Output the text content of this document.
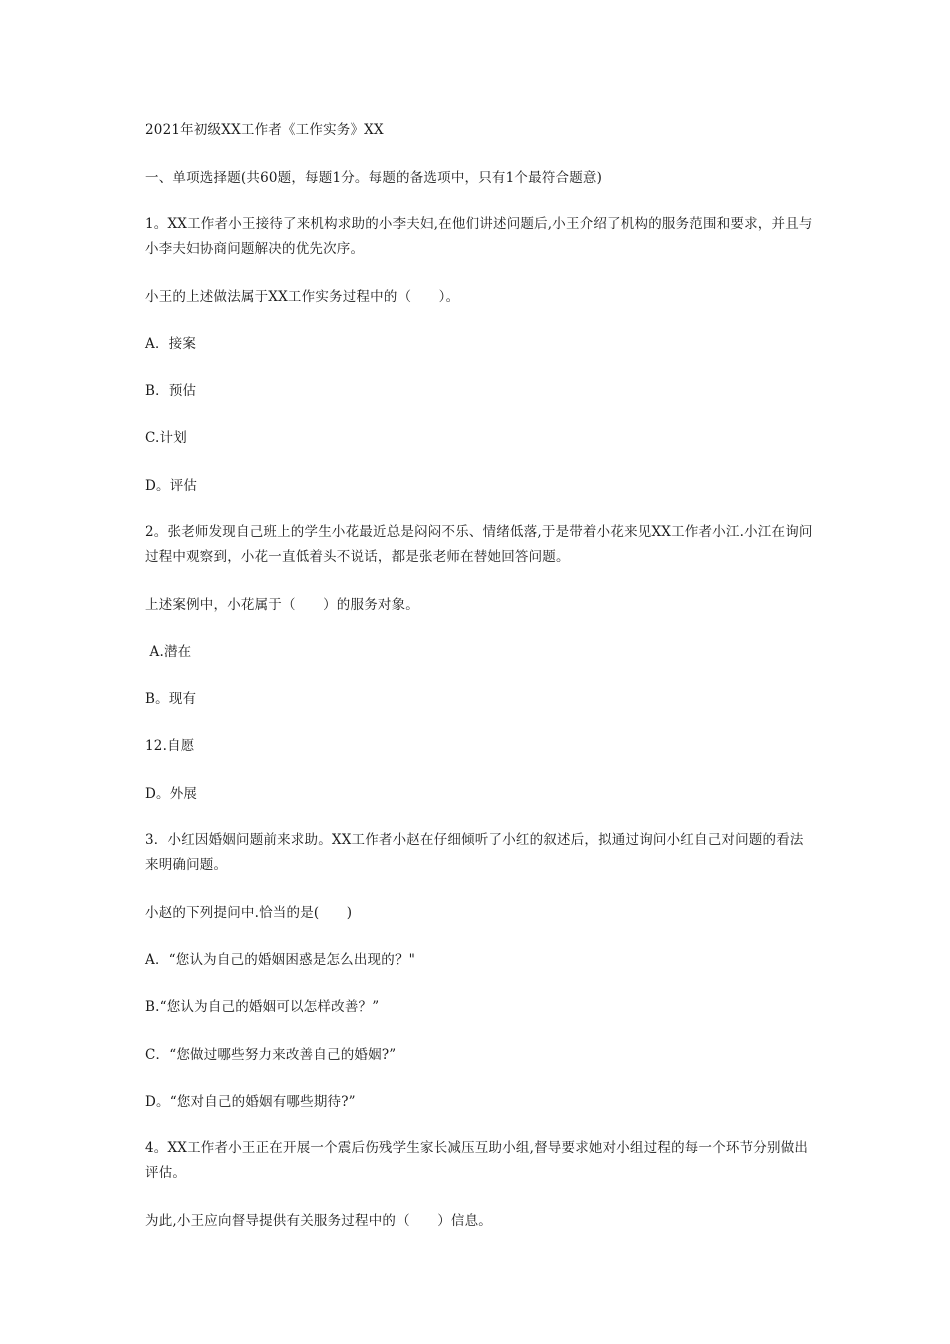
2021年初级XX工作者《工作实务》XX
一、单项选择题(共60题，每题1分。每题的备选项中，只有1个最符合题意)
1。XX工作者小王接待了来机构求助的小李夫妇,在他们讲述问题后,小王介绍了机构的服务范围和要求，并且与小李夫妇协商问题解决的优先次序。
小王的上述做法属于XX工作实务过程中的（　　）。
A．接案
B．预估
C.计划
D。评估
2。张老师发现自己班上的学生小花最近总是闷闷不乐、情绪低落,于是带着小花来见XX工作者小江.小江在询问过程中观察到，小花一直低着头不说话，都是张老师在替她回答问题。
上述案例中，小花属于（　　）的服务对象。
A.潜在
B。现有
12.自愿
D。外展
3．小红因婚姻问题前来求助。XX工作者小赵在仔细倾听了小红的叙述后，拟通过询问小红自己对问题的看法来明确问题。
小赵的下列提问中.恰当的是(　　)
A．“您认为自己的婚姻困惑是怎么出现的？"
B.“您认为自己的婚姻可以怎样改善？”
C．“您做过哪些努力来改善自己的婚姻?”
D。“您对自己的婚姻有哪些期待?”
4。XX工作者小王正在开展一个震后伤残学生家长减压互助小组,督导要求她对小组过程的每一个环节分别做出评估。
为此,小王应向督导提供有关服务过程中的（　　）信息。
